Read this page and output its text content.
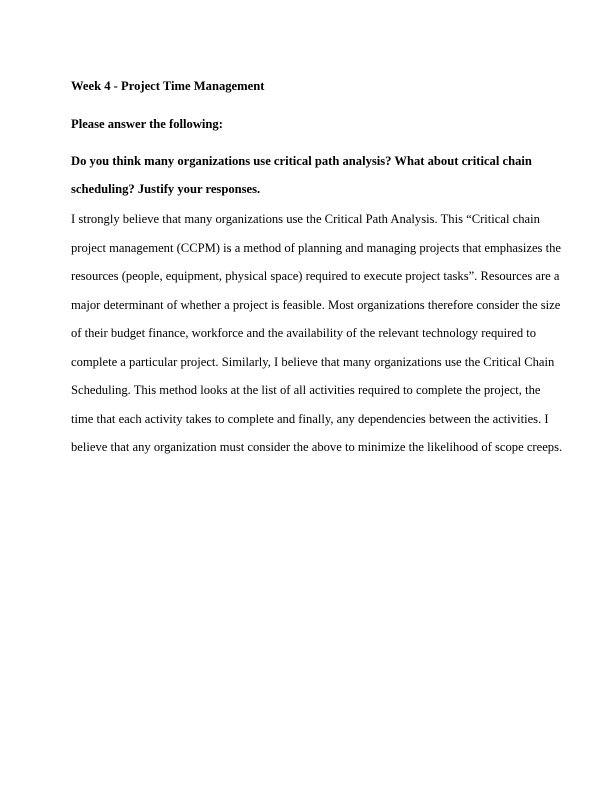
Week 4 - Project Time Management

Please answer the following:

Do you think many organizations use critical path analysis? What about critical chain
scheduling? Justify your responses.

I strongly believe that many organizations use the Critical Path Analysis. This “Critical chain
project management (CCPM) is a method of planning and managing projects that emphasizes the
resources (people, equipment, physical space) required to execute project tasks”. Resources are a
major determinant of whether a project is feasible. Most organizations therefore consider the size
of their budget finance, workforce and the availability of the relevant technology required to
complete a particular project. Similarly, I believe that many organizations use the Critical Chain
Scheduling. This method looks at the list of all activities required to complete the project, the
time that each activity takes to complete and finally, any dependencies between the activities. I
believe that any organization must consider the above to minimize the likelihood of scope creeps.
